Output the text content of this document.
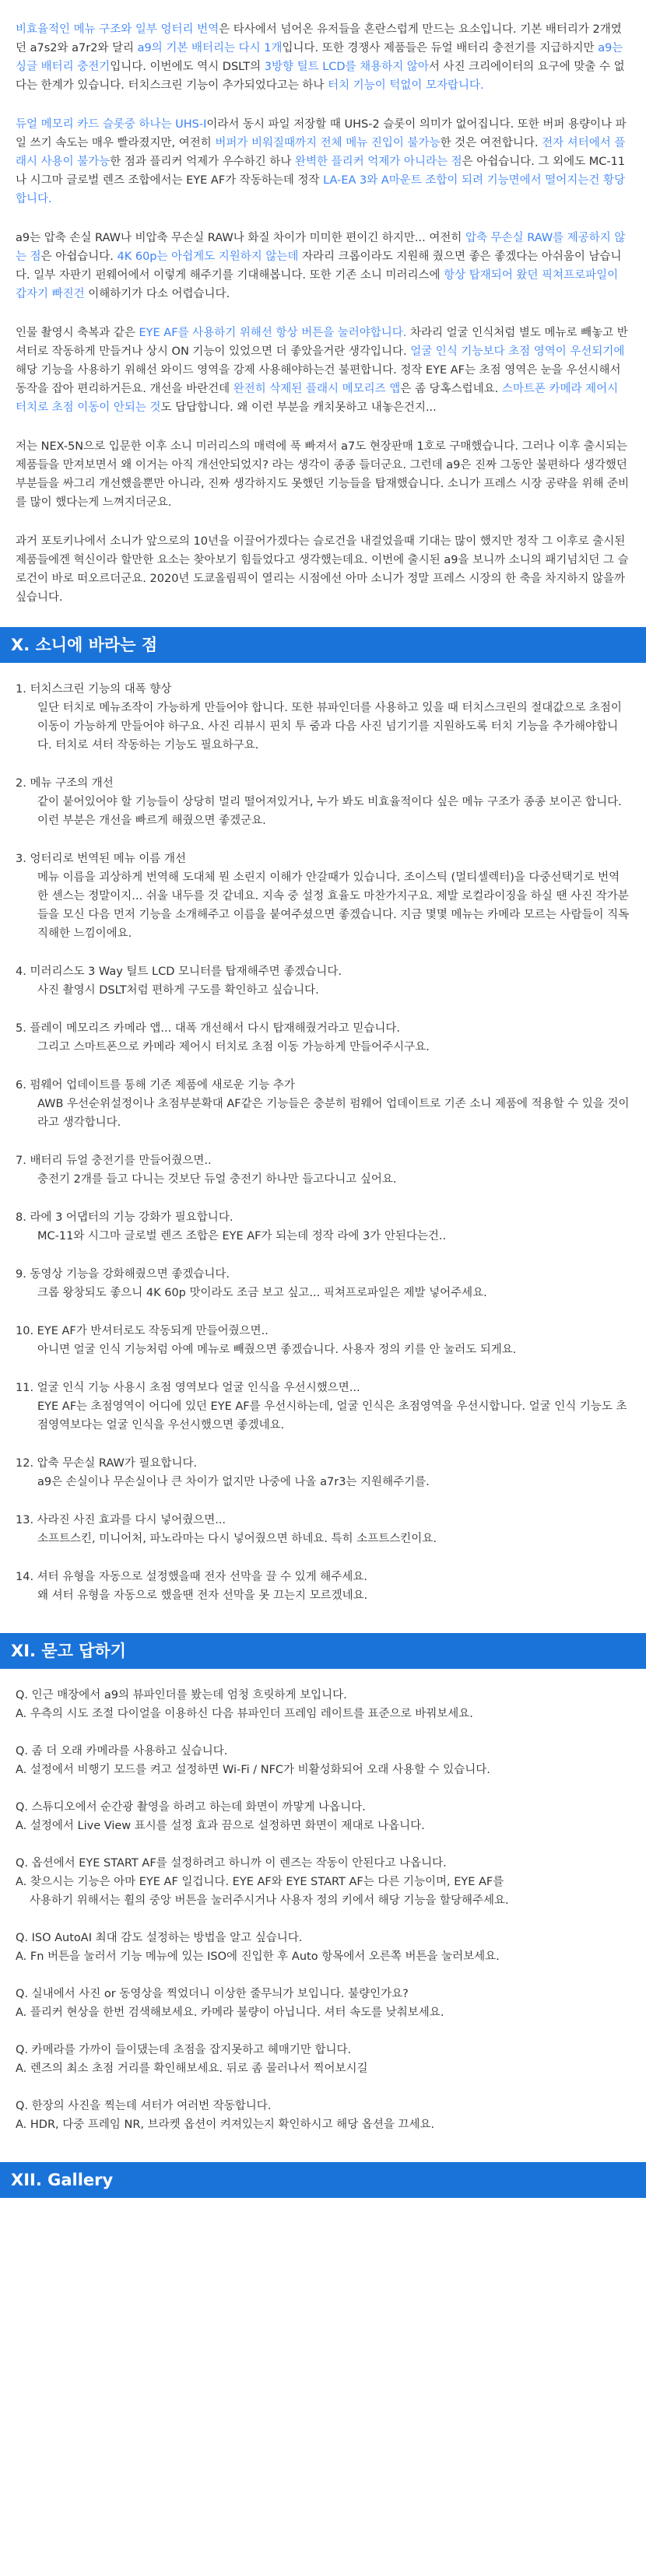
비효율적인 메뉴 구조와 일부 엉터리 번역은 타사에서 넘어온 유저들을 혼란스럽게 만드는 요소입니다. 기본 배터리가 2개였던 a7s2와 a7r2와 달리 a9의 기본 배터리는 다시 1개입니다. 또한 경쟁사 제품들은 듀얼 배터리 충전기를 지급하지만 a9는 싱글 배터리 충전기입니다. 이번에도 역시 DSLT의 3방향 틸트 LCD를 채용하지 않아서 사진 크리에이터의 요구에 맞출 수 없다는 한계가 있습니다. 터치스크린 기능이 추가되었다고는 하나 터치 기능이 턱없이 모자랍니다.

듀얼 메모리 카드 슬롯중 하나는 UHS-I이라서 동시 파일 저장할 때 UHS-2 슬롯이 의미가 없어집니다. 또한 버퍼 용량이나 파일 쓰기 속도는 매우 빨라졌지만, 여전히 버퍼가 비워질때까지 전체 메뉴 진입이 불가능한 것은 여전합니다. 전자 셔터에서 플래시 사용이 불가능한 점과 플리커 억제가 우수하긴 하나 완벽한 플리커 억제가 아니라는 점은 아쉽습니다. 그 외에도 MC-11나 시그마 글로벌 렌즈 조합에서는 EYE AF가 작동하는데 정작 LA-EA 3와 A마운트 조합이 되려 기능면에서 떨어지는건 황당합니다.

a9는 압축 손실 RAW나 비압축 무손실 RAW나 화질 차이가 미미한 편이긴 하지만... 여전히 압축 무손실 RAW를 제공하지 않는 점은 아쉽습니다. 4K 60p는 아쉽게도 지원하지 않는데 자라리 크롭이라도 지원해 줬으면 좋은 좋겠다는 아쉬움이 남습니다. 일부 자판기 펀웨어에서 이렇게 해주기를 기대해봅니다. 또한 기존 소니 미러리스에 항상 탑재되어 왔던 픽쳐프로파일이 갑자기 빠진건 이해하기가 다소 어렵습니다.

인물 촬영시 축복과 같은 EYE AF를 사용하기 위해선 항상 버튼을 눌러야합니다. 차라리 얼굴 인식처럼 별도 메뉴로 빼놓고 반셔터로 작동하게 만들거나 상시 ON 기능이 있었으면 더 좋았을거란 생각입니다. 얼굴 인식 기능보다 초점 영역이 우선되기에 해당 기능을 사용하기 위해선 와이드 영역을 강제 사용해야하는건 불편합니다. 정작 EYE AF는 초점 영역은 눈을 우선시해서 동작을 잡아 편리하거든요. 개선을 바란건데 완전히 삭제된 플래시 메모리즈 앱은 좀 당혹스럽네요. 스마트폰 카메라 제어시 터치로 초점 이동이 안되는 것도 답답합니다. 왜 이런 부분을 캐치못하고 내놓은건지...

저는 NEX-5N으로 입문한 이후 소니 미러리스의 매력에 푹 빠져서 a7도 현장판매 1호로 구매했습니다. 그러나 이후 출시되는 제품들을 만져보면서 왜 이거는 아직 개선안되었지? 라는 생각이 종종 들더군요. 그런데 a9은 진짜 그동안 불편하다 생각했던 부분들을 싸그리 개선했을뿐만 아니라, 진짜 생각하지도 못했던 기능들을 탑재했습니다. 소니가 프레스 시장 공략을 위해 준비를 많이 했다는게 느껴지더군요.

과거 포토키나에서 소니가 앞으로의 10년을 이끌어가겠다는 슬로건을 내걸었을때 기대는 많이 했지만 정작 그 이후로 출시된 제품들에겐 혁신이라 할만한 요소는 찾아보기 힘들었다고 생각했는데요. 이번에 출시된 a9을 보니까 소니의 패기넘치던 그 슬로건이 바로 떠오르더군요. 2020년 도쿄올림픽이 열리는 시점에선 아마 소니가 정말 프레스 시장의 한 축을 차지하지 않을까 싶습니다.

X. 소니에 바라는 점
1. 터치스크린 기능의 대폭 향상
일단 터치로 메뉴조작이 가능하게 만들어야 합니다. 또한 뷰파인더를 사용하고 있을 때 터치스크린의 절대값으로 초점이 이동이 가능하게 만들어야 하구요. 사진 리뷰시 핀치 투 줌과 다음 사진 넘기기를 지원하도록 터치 기능을 추가해야합니다. 터치로 셔터 작동하는 기능도 필요하구요.
2. 메뉴 구조의 개선
같이 붙어있어야 할 기능들이 상당히 멀리 떨어져있거나, 누가 봐도 비효율적이다 싶은 메뉴 구조가 종종 보이곤 합니다. 이런 부분은 개선을 빠르게 해줬으면 좋겠군요.
3. 엉터리로 번역된 메뉴 이름 개선
메뉴 이름을 괴상하게 번역해 도대체 뭔 소린지 이해가 안갈때가 있습니다. 조이스틱 (멀티셀렉터)을 다중선택기로 번역한 센스는 정말이지... 쉬울 내두를 것 같네요. 지속 중 설정 효율도 마찬가지구요. 제발 로컬라이징을 하실 땐 사진 작가분들을 모신 다음 먼저 기능을 소개해주고 이름을 붙여주셨으면 좋겠습니다. 지금 몇몇 메뉴는 카메라 모르는 사람들이 직독직해한 느낌이에요.
4. 미러리스도 3 Way 틸트 LCD 모니터를 탑재해주면 좋겠습니다.
사진 촬영시 DSLT처럼 편하게 구도를 확인하고 싶습니다.
5. 플레이 메모리즈 카메라 앱... 대폭 개선해서 다시 탑재해줬거라고 믿습니다.
그리고 스마트폰으로 카메라 제어시 터치로 초점 이동 가능하게 만들어주시구요.
6. 펌웨어 업데이트를 통해 기존 제품에 새로운 기능 추가
AWB 우선순위설정이나 초점부분확대 AF같은 기능들은 충분히 펌웨어 업데이트로 기존 소니 제품에 적용할 수 있을 것이라고 생각합니다.
7. 배터리 듀얼 충전기를 만들어줬으면..
충전기 2개를 들고 다니는 것보단 듀얼 충전기 하나만 들고다니고 싶어요.
8. 라에 3 어댑터의 기능 강화가 필요합니다.
MC-11와 시그마 글로벌 렌즈 조합은 EYE AF가 되는데 정작 라에 3가 안된다는건..
9. 동영상 기능을 강화해줬으면 좋겠습니다.
크롭 왕창되도 좋으니 4K 60p 맛이라도 조금 보고 싶고... 픽쳐프로파일은 제발 넣어주세요.
10. EYE AF가 반셔터로도 작동되게 만들어줬으면..
아니면 얼굴 인식 기능처럼 아예 메뉴로 빼줬으면 좋겠습니다. 사용자 정의 키를 안 눌러도 되게요.
11. 얼굴 인식 기능 사용시 초점 영역보다 얼굴 인식을 우선시했으면...
EYE AF는 초점영역이 어디에 있던 EYE AF를 우선시하는데, 얼굴 인식은 초점영역을 우선시합니다. 얼굴 인식 기능도 초점영역보다는 얼굴 인식을 우선시했으면 좋겠네요.
12. 압축 무손실 RAW가 필요합니다.
a9은 손실이나 무손실이나 큰 차이가 없지만 나중에 나올 a7r3는 지원해주기를.
13. 사라진 사진 효과를 다시 넣어줬으면...
소프트스킨, 미니어처, 파노라마는 다시 넣어줬으면 하네요. 특히 소프트스킨이요.
14. 셔터 유형을 자동으로 설정했을때 전자 선막을 끌 수 있게 해주세요.
왜 셔터 유형을 자동으로 했을땐 전자 선막을 못 끄는지 모르겠네요.
XI. 묻고 답하기
Q. 인근 매장에서 a9의 뷰파인더를 봤는데 엄청 흐릿하게 보입니다.
A. 우측의 시도 조절 다이얼을 이용하신 다음 뷰파인더 프레임 레이트를 표준으로 바꿔보세요.
Q. 좀 더 오래 카메라를 사용하고 싶습니다.
A. 설정에서 비행기 모드를 켜고 설정하면 Wi-Fi / NFC가 비활성화되어 오래 사용할 수 있습니다.
Q. 스튜디오에서 순간광 촬영을 하려고 하는데 화면이 까맣게 나옵니다.
A. 설정에서 Live View 표시를 설정 효과 끔으로 설정하면 화면이 제대로 나옵니다.
Q. 옵션에서 EYE START AF를 설정하려고 하니까 이 렌즈는 작동이 안된다고 나옵니다.
A. 찾으시는 기능은 아마 EYE AF 일겁니다. EYE AF와 EYE START AF는 다른 기능이며, EYE AF를
사용하기 위해서는 휠의 중앙 버튼을 눌러주시거나 사용자 정의 키에서 해당 기능을 할당해주세요.
Q. ISO AutoAI 최대 감도 설정하는 방법을 알고 싶습니다.
A. Fn 버튼을 눌러서 기능 메뉴에 있는 ISO에 진입한 후 Auto 항목에서 오른쪽 버튼을 눌러보세요.
Q. 실내에서 사진 or 동영상을 찍었더니 이상한 줄무늬가 보입니다. 불량인가요?
A. 플리커 현상을 한번 검색해보세요. 카메라 불량이 아닙니다. 셔터 속도를 낮춰보세요.
Q. 카메라를 가까이 들이댔는데 초점을 잡지못하고 헤매기만 합니다.
A. 렌즈의 최소 초점 거리를 확인해보세요. 뒤로 좀 물러나서 찍어보시길
Q. 한장의 사진을 찍는데 셔터가 여러번 작동합니다.
A. HDR, 다중 프레임 NR, 브라켓 옵션이 켜져있는지 확인하시고 해당 옵션을 끄세요.
XII. Gallery
